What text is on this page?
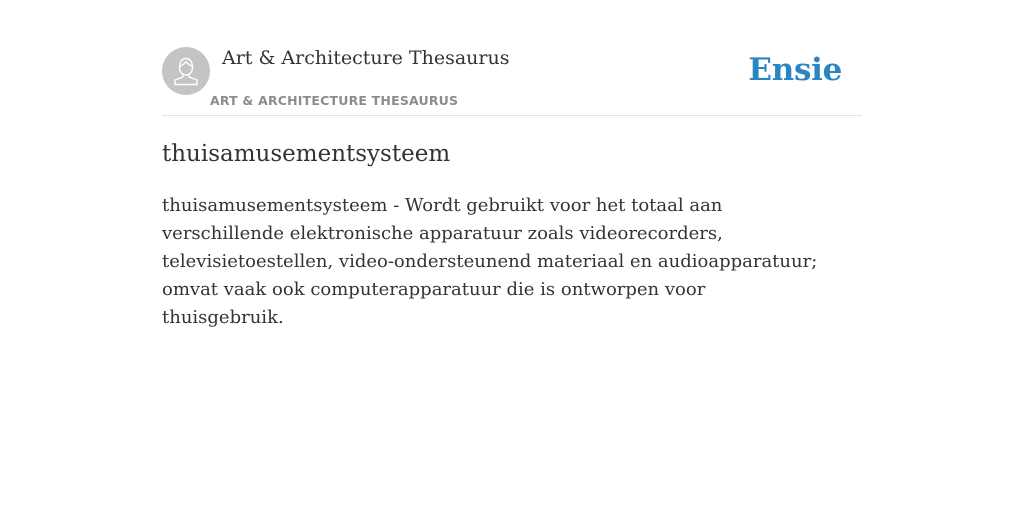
Art & Architecture Thesaurus
ART & ARCHITECTURE THESAURUS
Ensie
thuisamusementsysteem

thuisamusementsysteem - Wordt gebruikt voor het totaal aan verschillende elektronische apparatuur zoals videorecorders, televisietoestellen, video-ondersteunend materiaal en audioapparatuur; omvat vaak ook computerapparatuur die is ontworpen voor thuisgebruik.
